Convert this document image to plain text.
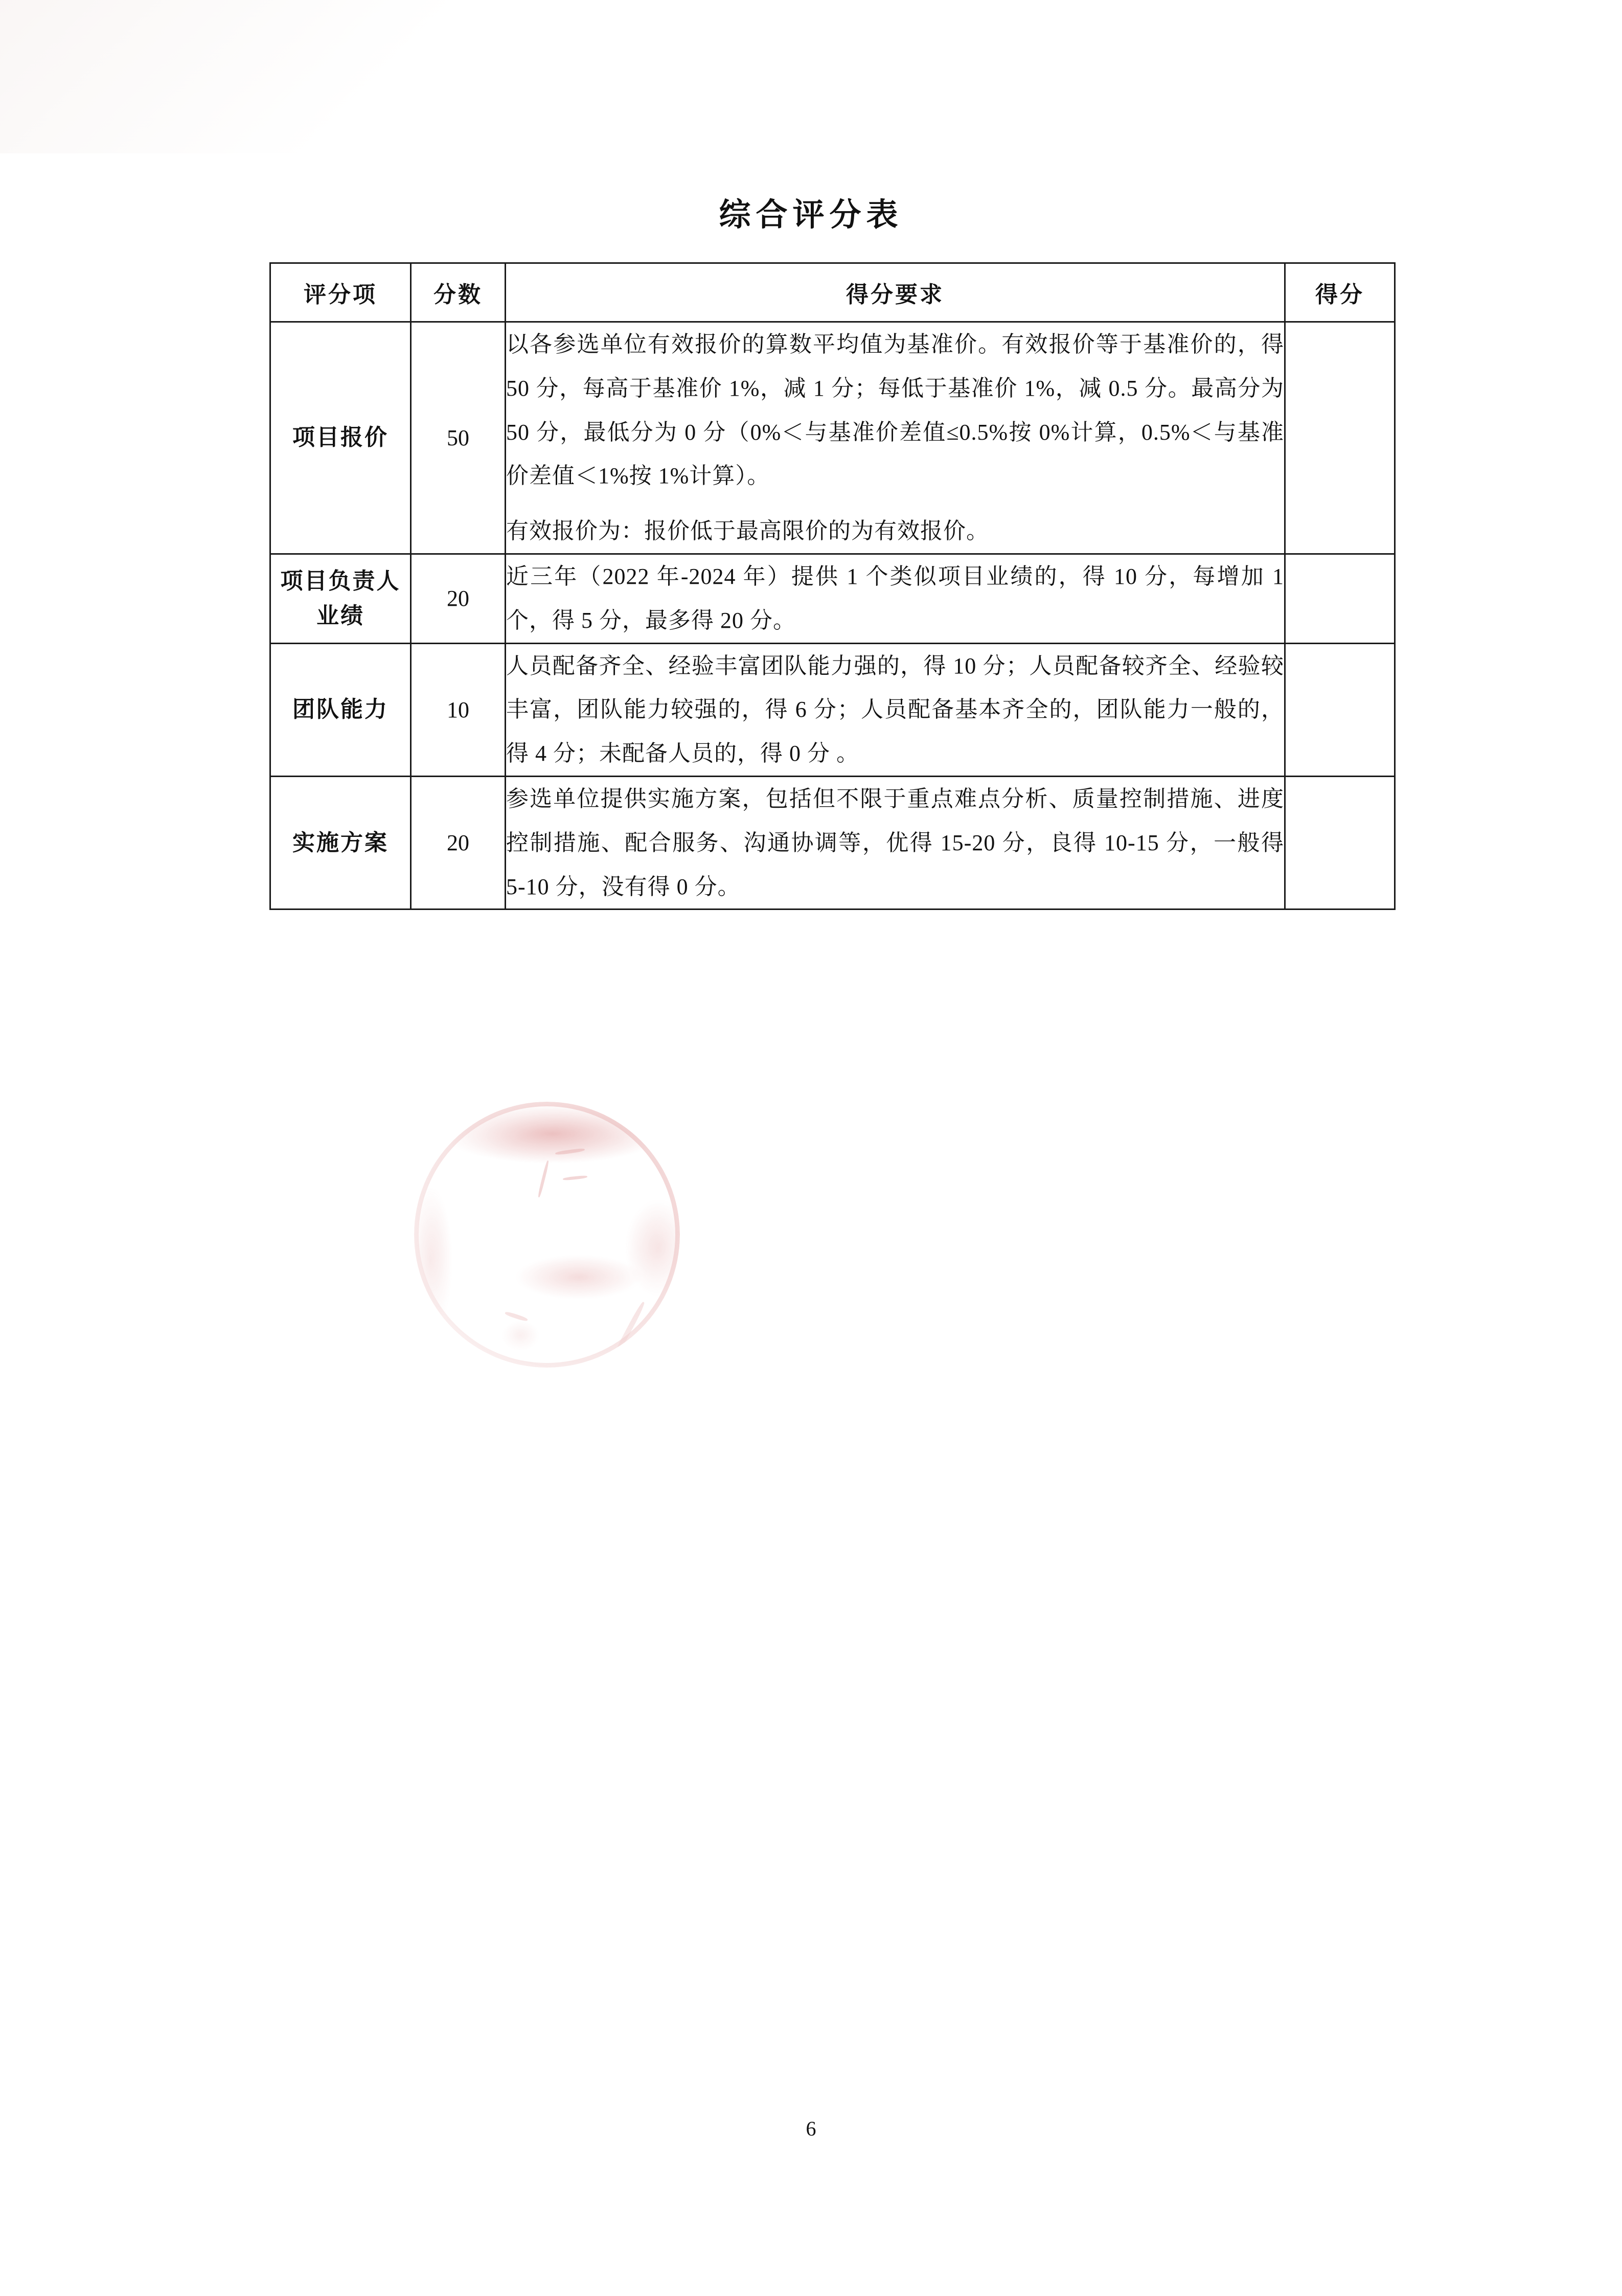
综合评分表
评分项	分数	得分要求	得分
项目报价	50	以各参选单位有效报价的算数平均值为基准价。有效报价等于基准价的，得 50 分，每高于基准价 1%，减 1 分；每低于基准价 1%，减 0.5 分。最高分为 50 分，最低分为 0 分（0%＜与基准价差值≤0.5%按 0%计算，0.5%＜与基准价差值＜1%按 1%计算）。

有效报价为：报价低于最高限价的为有效报价。	

项目负责人业绩	20	近三年（2022 年-2024 年）提供 1 个类似项目业绩的，得 10 分，每增加 1 个，得 5 分，最多得 20 分。	

团队能力	10	人员配备齐全、经验丰富团队能力强的，得 10 分；人员配备较齐全、经验较丰富，团队能力较强的，得 6 分；人员配备基本齐全的，团队能力一般的，得 4 分；未配备人员的，得 0 分 。	

实施方案	20	参选单位提供实施方案，包括但不限于重点难点分析、质量控制措施、进度控制措施、配合服务、沟通协调等，优得 15-20 分，良得 10-15 分，一般得 5-10 分，没有得 0 分。	

6
